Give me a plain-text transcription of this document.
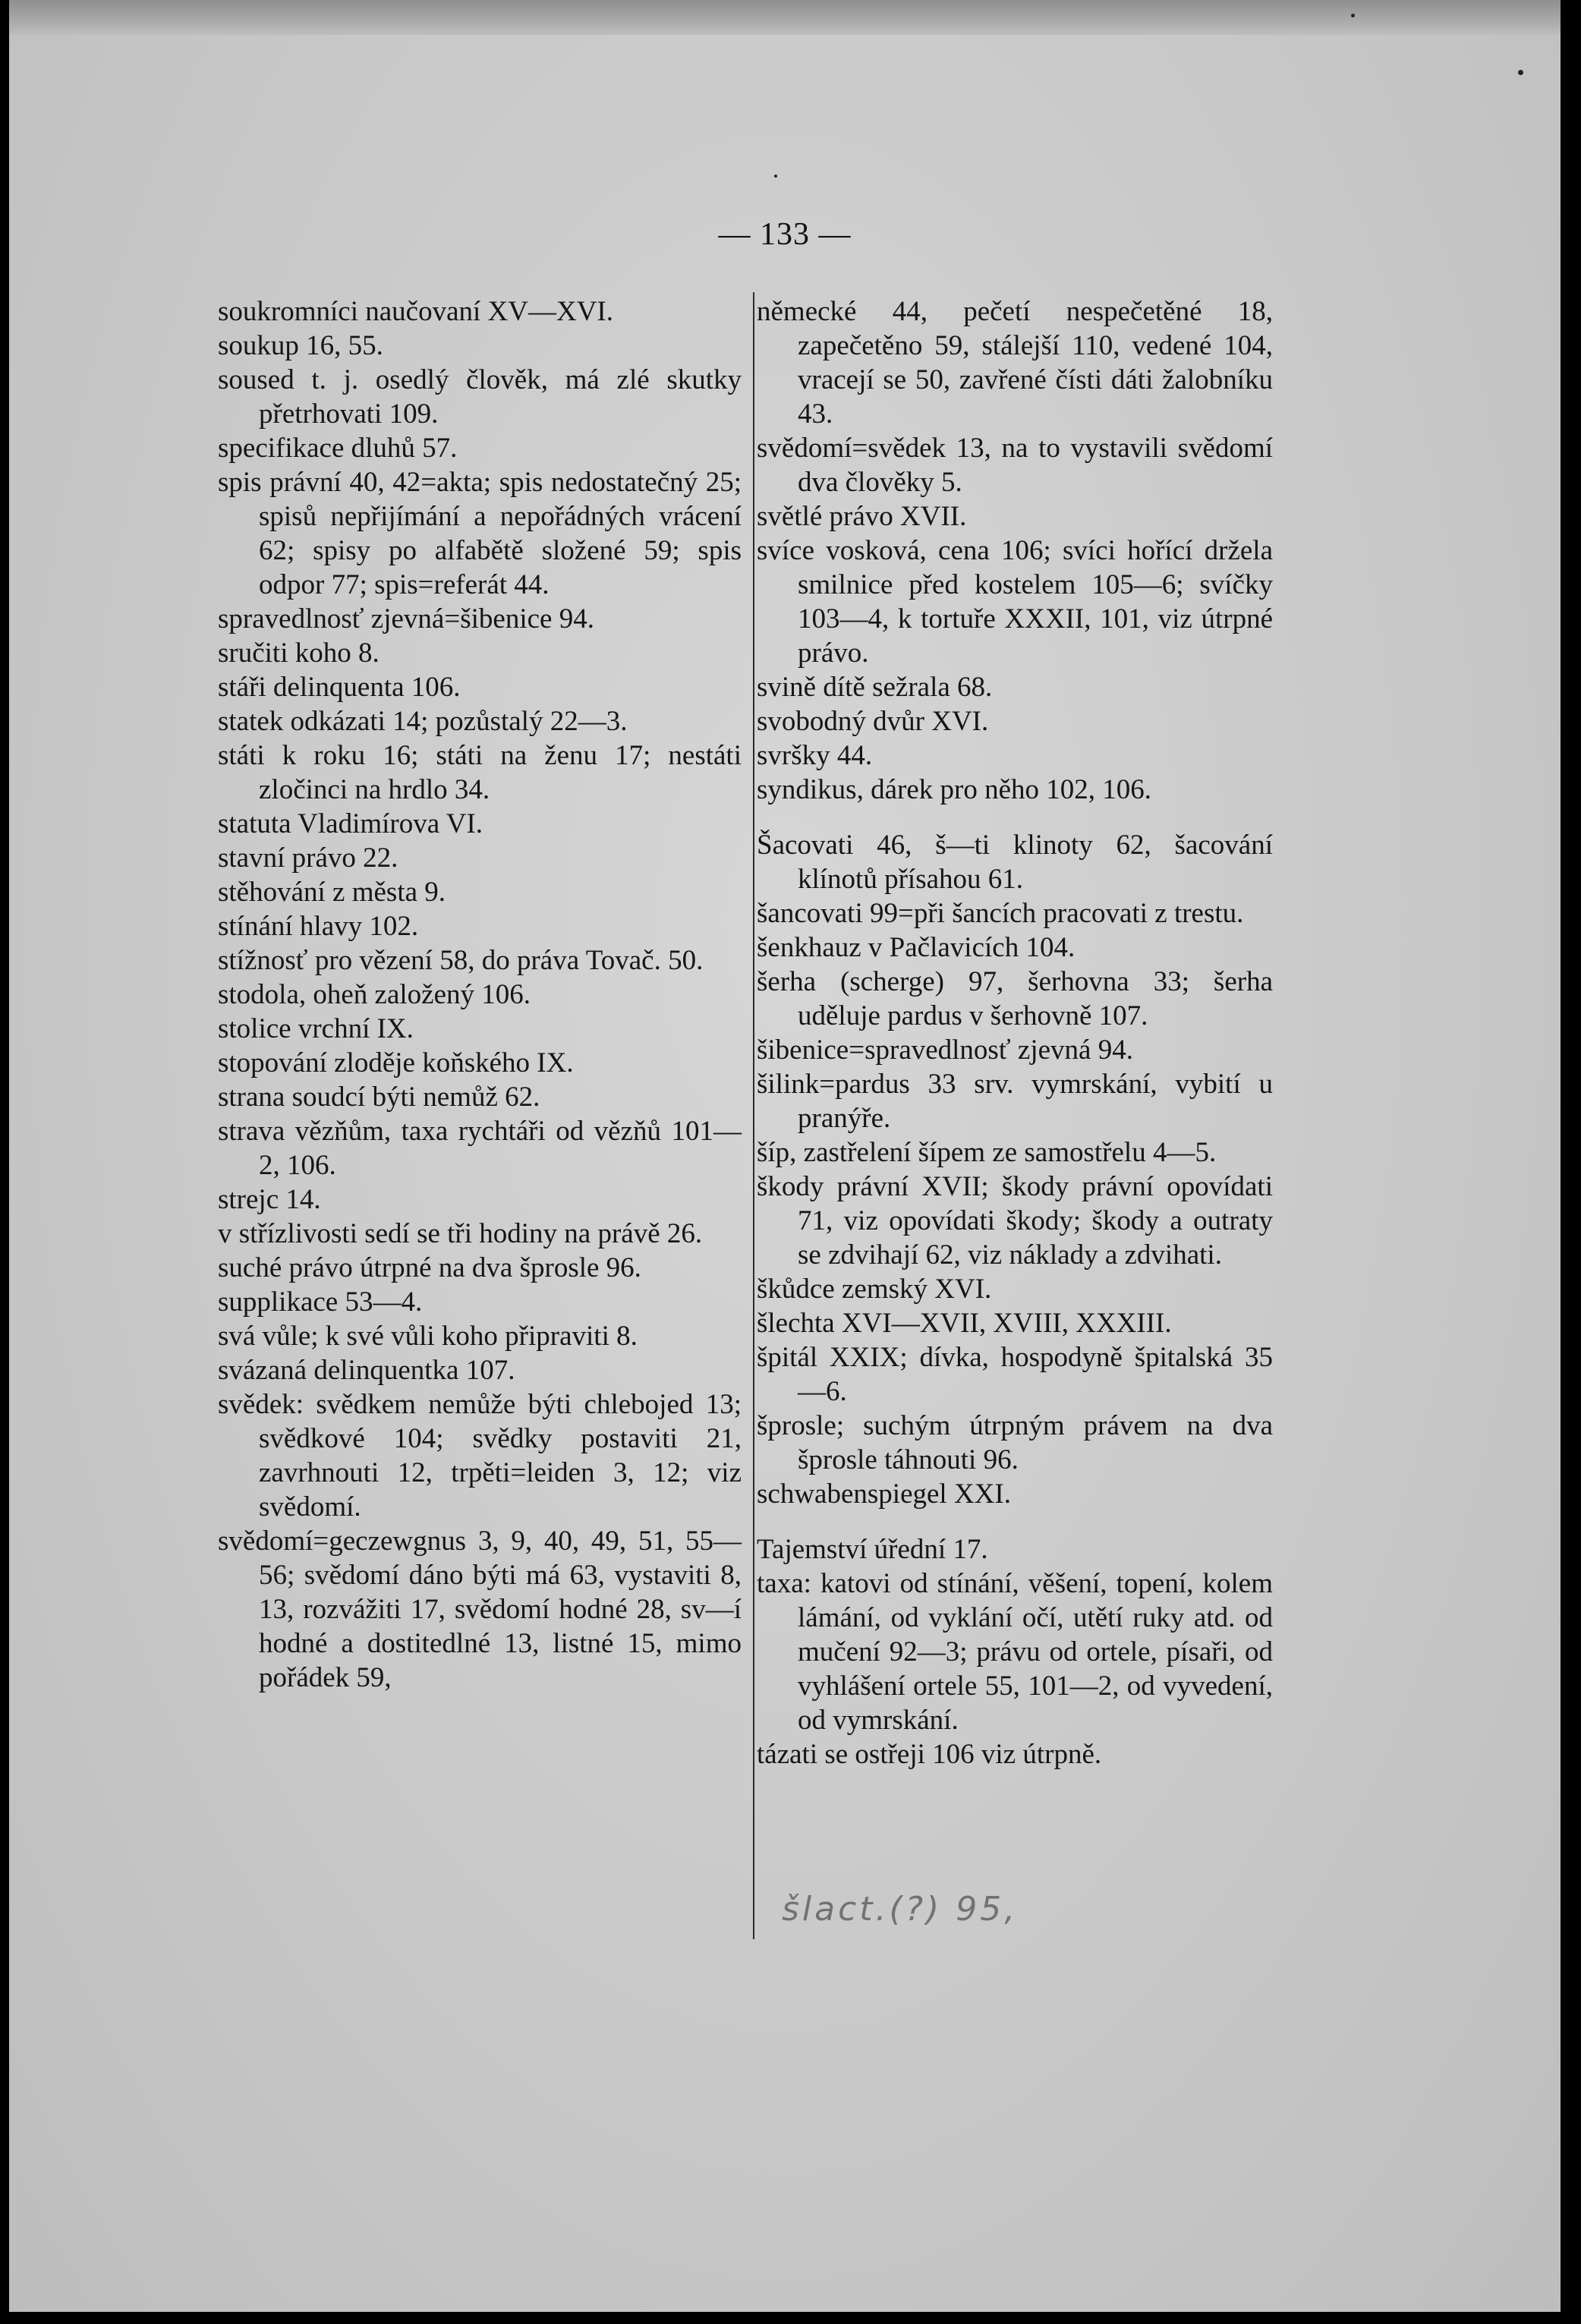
— 133 —

soukromníci naučovaní XV—XVI.

soukup 16, 55.

soused t. j. osedlý člověk, má zlé skutky přetrhovati 109.

specifikace dluhů 57.

spis právní 40, 42=akta; spis nedostatečný 25; spisů nepřijímání a nepořádných vrácení 62; spisy po alfabětě složené 59; spis odpor 77; spis=referát 44.

spravedlnosť zjevná=šibenice 94.

sručiti koho 8.

stáři delinquenta 106.

statek odkázati 14; pozůstalý 22—3.

státi k roku 16; státi na ženu 17; nestáti zločinci na hrdlo 34.

statuta Vladimírova VI.

stavní právo 22.

stěhování z města 9.

stínání hlavy 102.

stížnosť pro vězení 58, do práva Tovač. 50.

stodola, oheň založený 106.

stolice vrchní IX.

stopování zloděje koňského IX.

strana soudcí býti nemůž 62.

strava vězňům, taxa rychtáři od vězňů 101—2, 106.

strejc 14.

v střízlivosti sedí se tři hodiny na právě 26.

suché právo útrpné na dva šprosle 96.

supplikace 53—4.

svá vůle; k své vůli koho připraviti 8.

svázaná delinquentka 107.

svědek: svědkem nemůže býti chlebojed 13; svědkové 104; svědky postaviti 21, zavrhnouti 12, trpěti=leiden 3, 12; viz svědomí.

svědomí=geczewgnus 3, 9, 40, 49, 51, 55—56; svědomí dáno býti má 63, vystaviti 8, 13, rozvážiti 17, svědomí hodné 28, sv—í hodné a dostitedlné 13, listné 15, mimo pořádek 59,

německé 44, pečetí nespečetěné 18, zapečetěno 59, stálejší 110, vedené 104, vracejí se 50, zavřené čísti dáti žalobníku 43.

svědomí=svědek 13, na to vystavili svědomí dva člověky 5.

světlé právo XVII.

svíce vosková, cena 106; svíci hořící držela smilnice před kostelem 105—6; svíčky 103—4, k tortuře XXXII, 101, viz útrpné právo.

svině dítě sežrala 68.

svobodný dvůr XVI.

svršky 44.

syndikus, dárek pro něho 102, 106.

Šacovati 46, š—ti klinoty 62, šacování klínotů přísahou 61.

šancovati 99=při šancích pracovati z trestu.

šenkhauz v Pačlavicích 104.

šerha (scherge) 97, šerhovna 33; šerha uděluje pardus v šerhovně 107.

šibenice=spravedlnosť zjevná 94.

šilink=pardus 33 srv. vymrskání, vybití u pranýře.

šíp, zastřelení šípem ze samostřelu 4—5.

škody právní XVII; škody právní opovídati 71, viz opovídati škody; škody a outraty se zdvihají 62, viz náklady a zdvihati.

škůdce zemský XVI.

šlechta XVI—XVII, XVIII, XXXIII.

špitál XXIX; dívka, hospodyně špitalská 35—6.

šprosle; suchým útrpným právem na dva šprosle táhnouti 96.

schwabenspiegel XXI.

Tajemství úřední 17.

taxa: katovi od stínání, věšení, topení, kolem lámání, od vyklání očí, utětí ruky atd. od mučení 92—3; právu od ortele, písaři, od vyhlášení ortele 55, 101—2, od vyvedení, od vymrskání.

tázati se ostřeji 106 viz útrpně.

šlact.(?) 95,
